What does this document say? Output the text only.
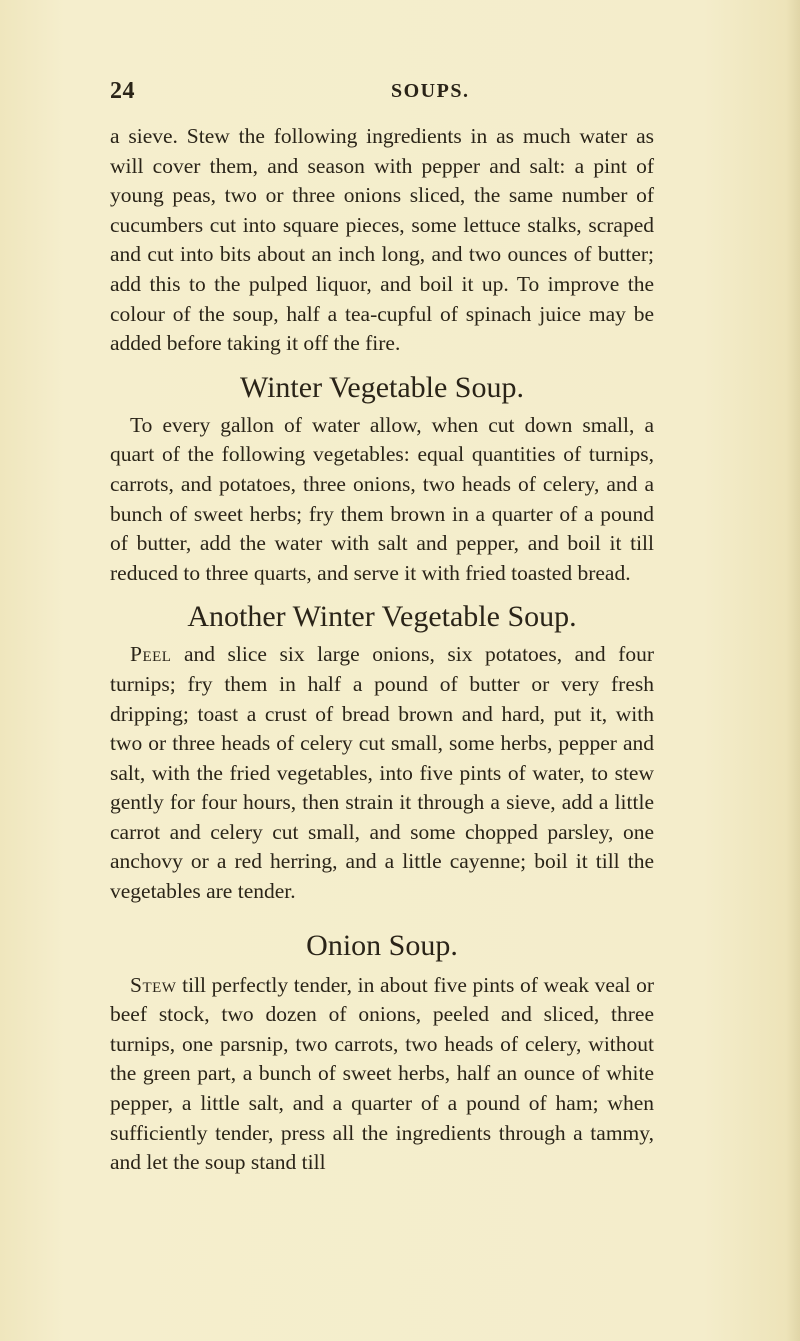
24	SOUPS.

a sieve. Stew the following ingredients in as much water as will cover them, and season with pepper and salt: a pint of young peas, two or three onions sliced, the same number of cucumbers cut into square pieces, some lettuce stalks, scraped and cut into bits about an inch long, and two ounces of butter; add this to the pulped liquor, and boil it up. To improve the colour of the soup, half a tea-cupful of spinach juice may be added before taking it off the fire.

Winter Vegetable Soup.

To every gallon of water allow, when cut down small, a quart of the following vegetables: equal quantities of turnips, carrots, and potatoes, three onions, two heads of celery, and a bunch of sweet herbs; fry them brown in a quarter of a pound of butter, add the water with salt and pepper, and boil it till reduced to three quarts, and serve it with fried toasted bread.

Another Winter Vegetable Soup.

Peel and slice six large onions, six potatoes, and four turnips; fry them in half a pound of butter or very fresh dripping; toast a crust of bread brown and hard, put it, with two or three heads of celery cut small, some herbs, pepper and salt, with the fried vegetables, into five pints of water, to stew gently for four hours, then strain it through a sieve, add a little carrot and celery cut small, and some chopped parsley, one anchovy or a red herring, and a little cayenne; boil it till the vegetables are tender.

Onion Soup.

Stew till perfectly tender, in about five pints of weak veal or beef stock, two dozen of onions, peeled and sliced, three turnips, one parsnip, two carrots, two heads of celery, without the green part, a bunch of sweet herbs, half an ounce of white pepper, a little salt, and a quarter of a pound of ham; when sufficiently tender, press all the ingredients through a tammy, and let the soup stand till
